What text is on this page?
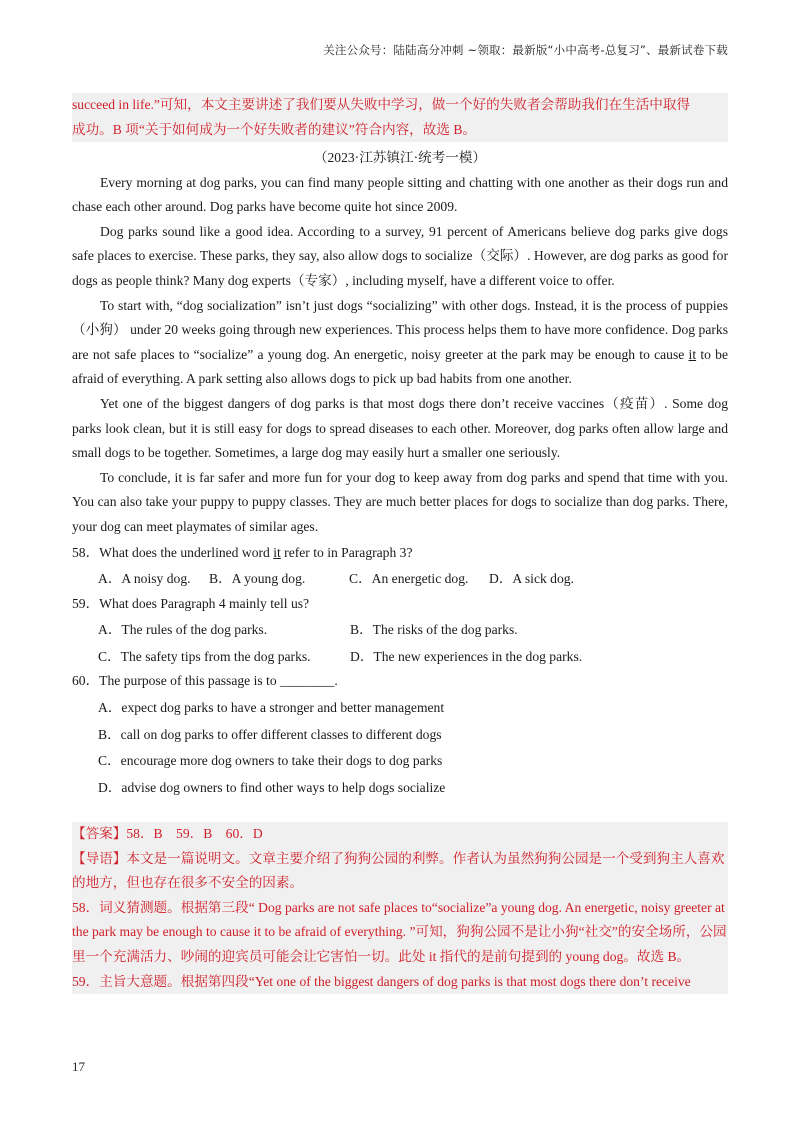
关注公众号：陆陆高分冲刺 ~领取：最新版“小中高考-总复习”、最新试卷下载
succeed in life.”可知，本文主要讲述了我们要从失败中学习，做一个好的失败者会帮助我们在生活中取得
成功。B 项“关于如何成为一个好失败者的建议”符合内容，故选 B。

（2023·江苏镇江·统考一模）

Every morning at dog parks, you can find many people sitting and chatting with one another as their dogs run and chase each other around. Dog parks have become quite hot since 2009.

Dog parks sound like a good idea. According to a survey, 91 percent of Americans believe dog parks give dogs safe places to exercise. These parks, they say, also allow dogs to socialize（交际）. However, are dog parks as good for dogs as people think? Many dog experts（专家）, including myself, have a different voice to offer.

To start with, “dog socialization” isn’t just dogs “socializing” with other dogs. Instead, it is the process of puppies（小狗） under 20 weeks going through new experiences. This process helps them to have more confidence. Dog parks are not safe places to “socialize” a young dog. An energetic, noisy greeter at the park may be enough to cause it to be afraid of everything. A park setting also allows dogs to pick up bad habits from one another.

Yet one of the biggest dangers of dog parks is that most dogs there don’t receive vaccines（疫苗）. Some dog parks look clean, but it is still easy for dogs to spread diseases to each other. Moreover, dog parks often allow large and small dogs to be together. Sometimes, a large dog may easily hurt a smaller one seriously.

To conclude, it is far safer and more fun for your dog to keep away from dog parks and spend that time with you. You can also take your puppy to puppy classes. They are much better places for dogs to socialize than dog parks. There, your dog can meet playmates of similar ages.

58．What does the underlined word it refer to in Paragraph 3?

A．A noisy dog.	B．A young dog.	C．An energetic dog.	D．A sick dog.

59．What does Paragraph 4 mainly tell us?

A．The rules of the dog parks.	B．The risks of the dog parks.
C．The safety tips from the dog parks.	D．The new experiences in the dog parks.

60．The purpose of this passage is to ________.

A．expect dog parks to have a stronger and better management
B．call on dog parks to offer different classes to different dogs
C．encourage more dog owners to take their dogs to dog parks
D．advise dog owners to find other ways to help dogs socialize
【答案】58．B 59．B 60．D
【导语】本文是一篇说明文。文章主要介绍了狗狗公园的利弊。作者认为虽然狗狗公园是一个受到狗主人喜欢的地方，但也存在很多不安全的因素。
58．词义猜测题。根据第三段“ Dog parks are not safe places to“socialize”a young dog. An energetic, noisy greeter at the park may be enough to cause it to be afraid of everything. ”可知，狗狗公园不是让小狗“社交”的安全场所，公园里一个充满活力、吵闹的迎宾员可能会让它害怕一切。此处 it 指代的是前句提到的 young dog。故选 B。
59．主旨大意题。根据第四段“Yet one of the biggest dangers of dog parks is that most dogs there don’t receive
17
